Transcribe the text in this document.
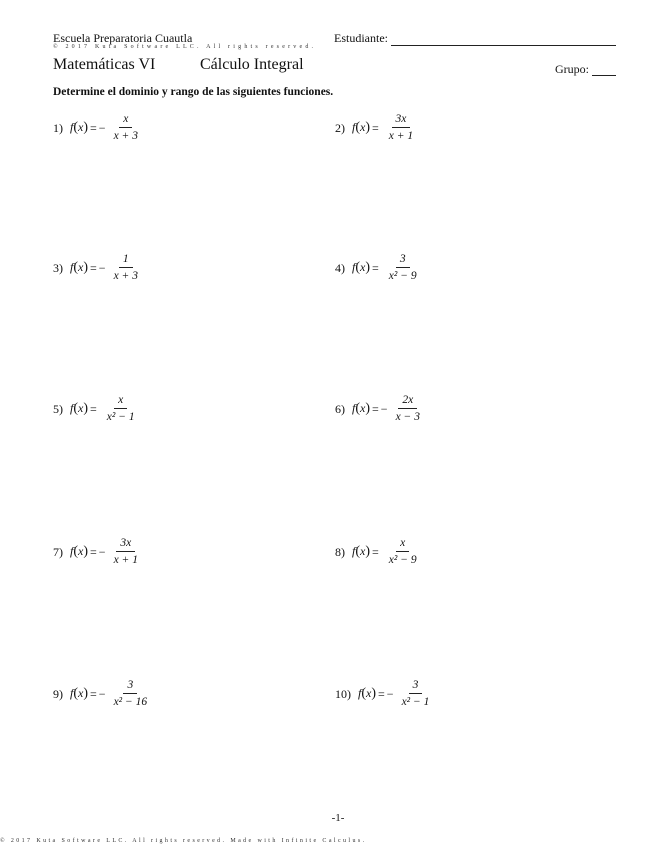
Escuela Preparatoria Cuautla	Estudiante:
© 2017 Kuta Software LLC. All rights reserved.
Matemáticas VI	Cálculo Integral	Grupo:
Determine el dominio y rango de las siguientes funciones.
1) f(x) = − $\frac{x}{x + 3}$	2) $f(x) = \frac{3x}{x + 1}$
3) f(x) = − $\frac{1}{x + 3}$	4) $f(x) = \frac{3}{\text{x² − 9}}$
5) $f(x) = \frac{x}{\text{x² − 1}}$	6) f(x) = − $\frac{2x}{x - 3}$
7) f(x) = − $\frac{3x}{x + 1}$	8) $f(x) = \frac{x}{\text{x² − 9}}$
9) f(x) = − $\frac{3}{\text{x² − 16}}$	10) f(x) = − $\frac{3}{\text{x² − 1}}$
-1-
© 2017 Kuta Software LLC. All rights reserved. Made with Infinite Calculus.
